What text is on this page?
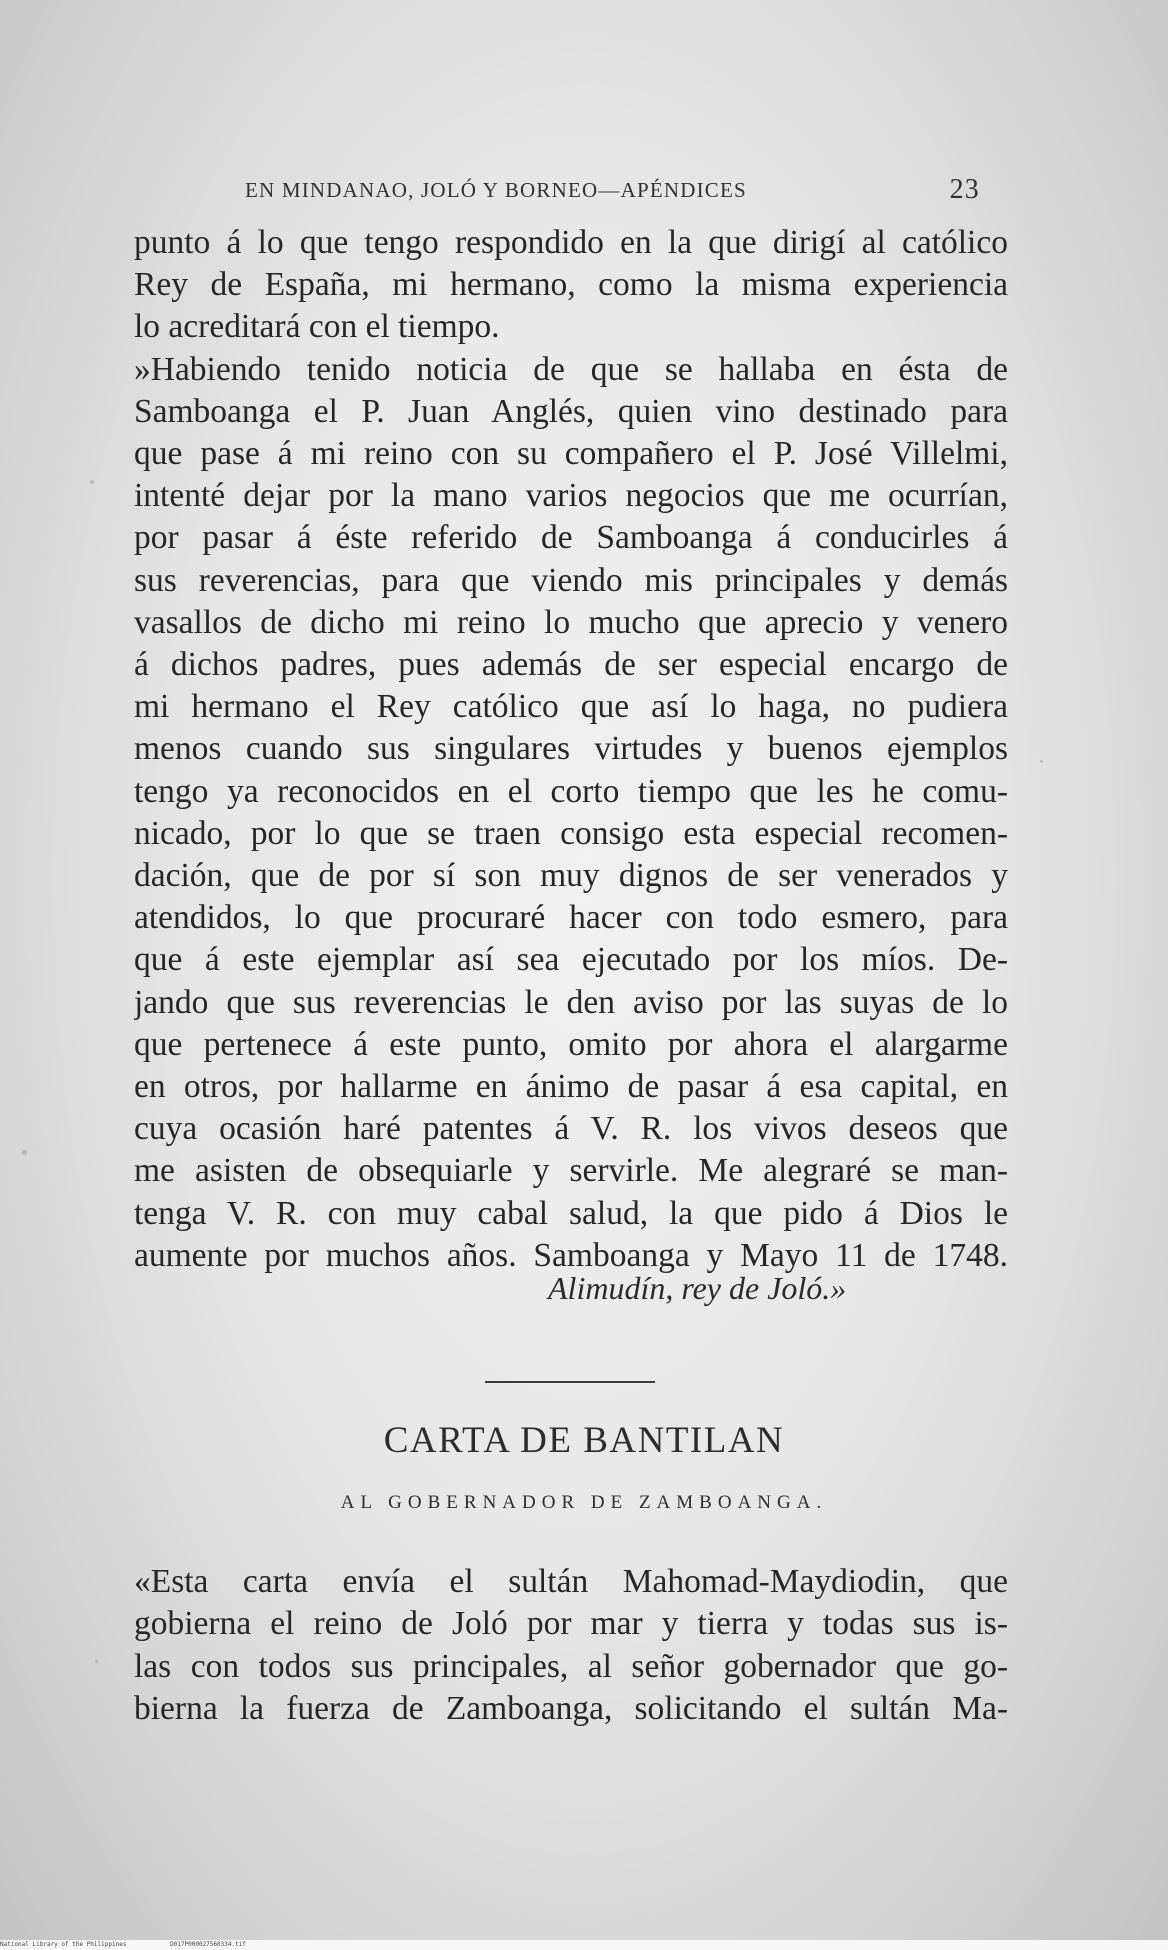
EN MINDANAO, JOLÓ Y BORNEO—APÉNDICES	23
punto á lo que tengo respondido en la que dirigí al católico
Rey de España, mi hermano, como la misma experiencia
lo acreditará con el tiempo.
»Habiendo tenido noticia de que se hallaba en ésta de
Samboanga el P. Juan Anglés, quien vino destinado para
que pase á mi reino con su compañero el P. José Villelmi,
intenté dejar por la mano varios negocios que me ocurrían,
por pasar á éste referido de Samboanga á conducirles á
sus reverencias, para que viendo mis principales y demás
vasallos de dicho mi reino lo mucho que aprecio y venero
á dichos padres, pues además de ser especial encargo de
mi hermano el Rey católico que así lo haga, no pudiera
menos cuando sus singulares virtudes y buenos ejemplos
tengo ya reconocidos en el corto tiempo que les he comu-
nicado, por lo que se traen consigo esta especial recomen-
dación, que de por sí son muy dignos de ser venerados y
atendidos, lo que procuraré hacer con todo esmero, para
que á este ejemplar así sea ejecutado por los míos. De-
jando que sus reverencias le den aviso por las suyas de lo
que pertenece á este punto, omito por ahora el alargarme
en otros, por hallarme en ánimo de pasar á esa capital, en
cuya ocasión haré patentes á V. R. los vivos deseos que
me asisten de obsequiarle y servirle. Me alegraré se man-
tenga V. R. con muy cabal salud, la que pido á Dios le
aumente por muchos años. Samboanga y Mayo 11 de 1748.
Alimudín, rey de Joló.»
CARTA DE BANTILAN
AL GOBERNADOR DE ZAMBOANGA.
«Esta carta envía el sultán Mahomad-Maydiodin, que
gobierna el reino de Joló por mar y tierra y todas sus is-
las con todos sus principales, al señor gobernador que go-
bierna la fuerza de Zamboanga, solicitando el sultán Ma-
National Library of the Philippines	D017P000027560334.tif
